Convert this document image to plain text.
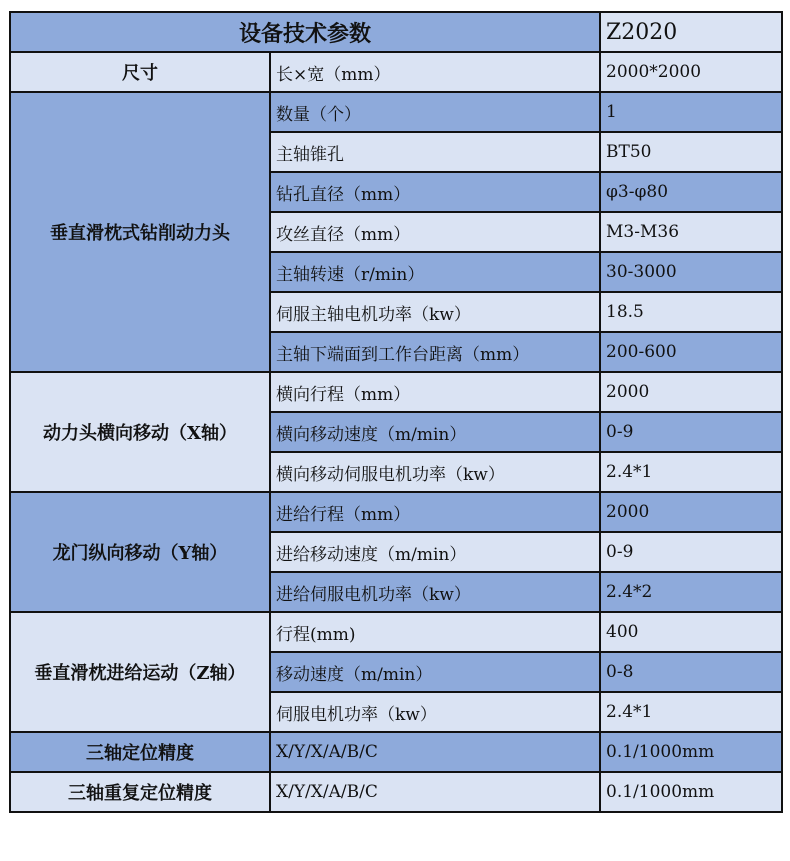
设备技术参数		Z2020
尺寸	长×宽（mm）	2000*2000
垂直滑枕式钻削动力头	数量（个）	1
	主轴锥孔	BT50
	钻孔直径（mm）	φ3-φ80
	攻丝直径（mm）	M3-M36
	主轴转速（r/min）	30-3000
	伺服主轴电机功率（kw）	18.5
	主轴下端面到工作台距离（mm）	200-600
动力头横向移动（X轴）	横向行程（mm）	2000
	横向移动速度（m/min）	0-9
	横向移动伺服电机功率（kw）	2.4*1
龙门纵向移动（Y轴）	进给行程（mm）	2000
	进给移动速度（m/min）	0-9
	进给伺服电机功率（kw）	2.4*2
垂直滑枕进给运动（Z轴）	行程(mm)	400
	移动速度（m/min）	0-8
	伺服电机功率（kw）	2.4*1
三轴定位精度	X/Y/X/A/B/C	0.1/1000mm
三轴重复定位精度	X/Y/X/A/B/C	0.1/1000mm
